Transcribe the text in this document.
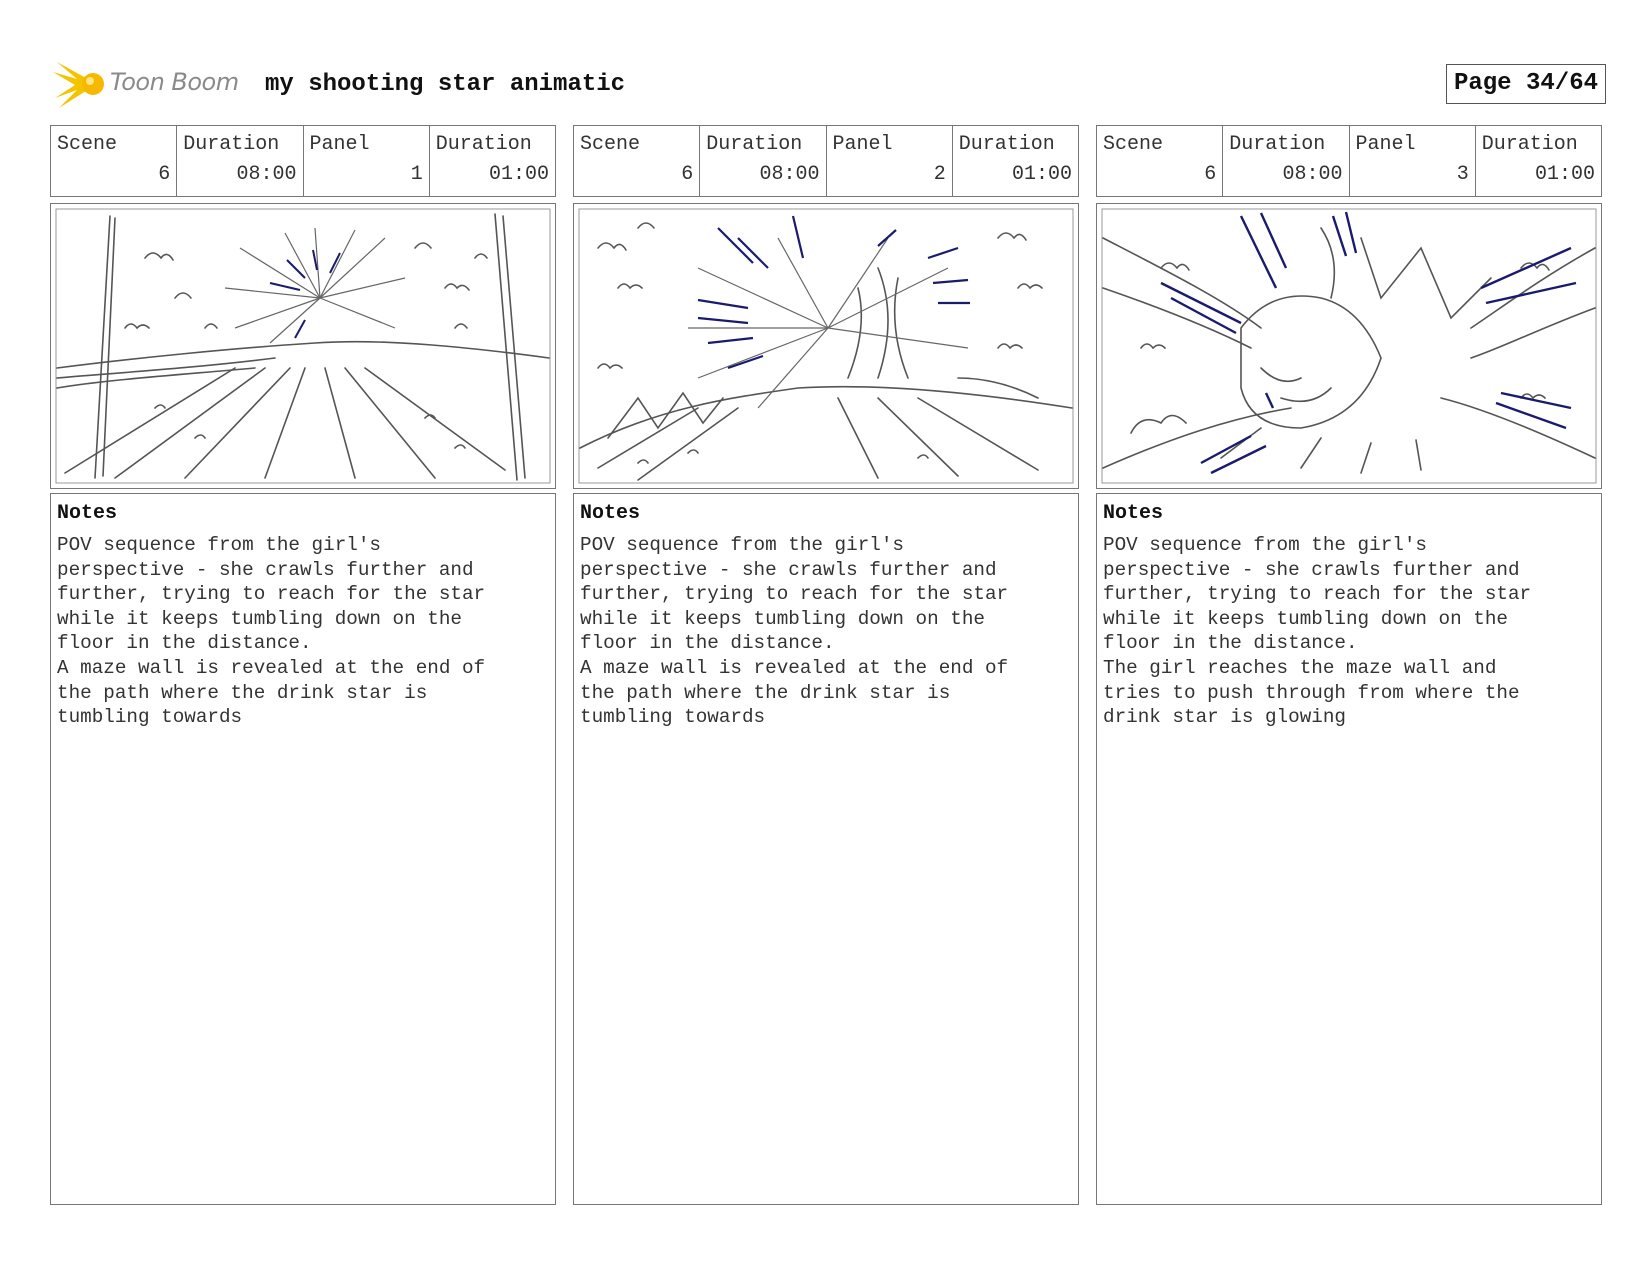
Toon Boom my shooting star animatic	Page 34/64
Scene
6
Duration
08:00
Panel
1
Duration
01:00
Notes
POV sequence from the girl's
perspective - she crawls further and
further, trying to reach for the star
while it keeps tumbling down on the
floor in the distance.
A maze wall is revealed at the end of
the path where the drink star is
tumbling towards
Scene
6
Duration
08:00
Panel
2
Duration
01:00
Notes
POV sequence from the girl's
perspective - she crawls further and
further, trying to reach for the star
while it keeps tumbling down on the
floor in the distance.
A maze wall is revealed at the end of
the path where the drink star is
tumbling towards
Scene
6
Duration
08:00
Panel
3
Duration
01:00
Notes
POV sequence from the girl's
perspective - she crawls further and
further, trying to reach for the star
while it keeps tumbling down on the
floor in the distance.
The girl reaches the maze wall and
tries to push through from where the
drink star is glowing
